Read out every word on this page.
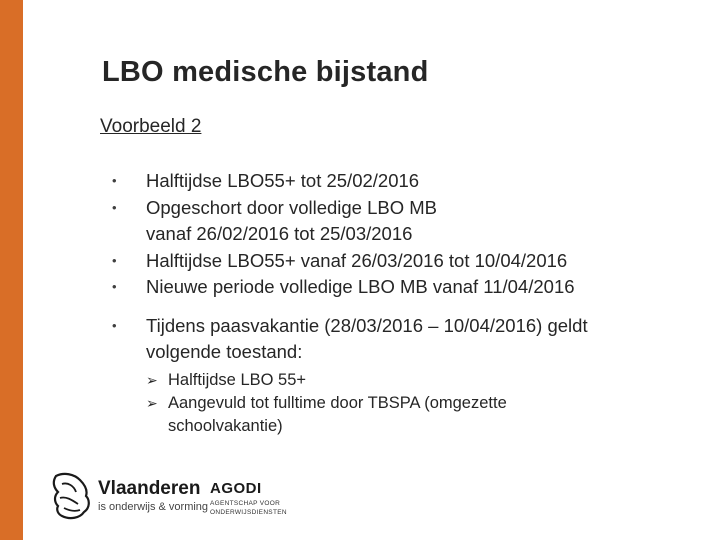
LBO medische bijstand
Voorbeeld 2
• Halftijdse LBO55+ tot 25/02/2016
• Opgeschort door volledige LBO MB
vanaf 26/02/2016 tot 25/03/2016
• Halftijdse LBO55+ vanaf 26/03/2016 tot 10/04/2016
• Nieuwe periode volledige LBO MB vanaf 11/04/2016
• Tijdens paasvakantie (28/03/2016 – 10/04/2016) geldt
volgende toestand:
➢ Halftijdse LBO 55+
➢ Aangevuld tot fulltime door TBSPA (omgezette
schoolvakantie)
Vlaanderen
is onderwijs & vorming
AGODI
AGENTSCHAP VOOR
ONDERWIJSDIENSTEN
